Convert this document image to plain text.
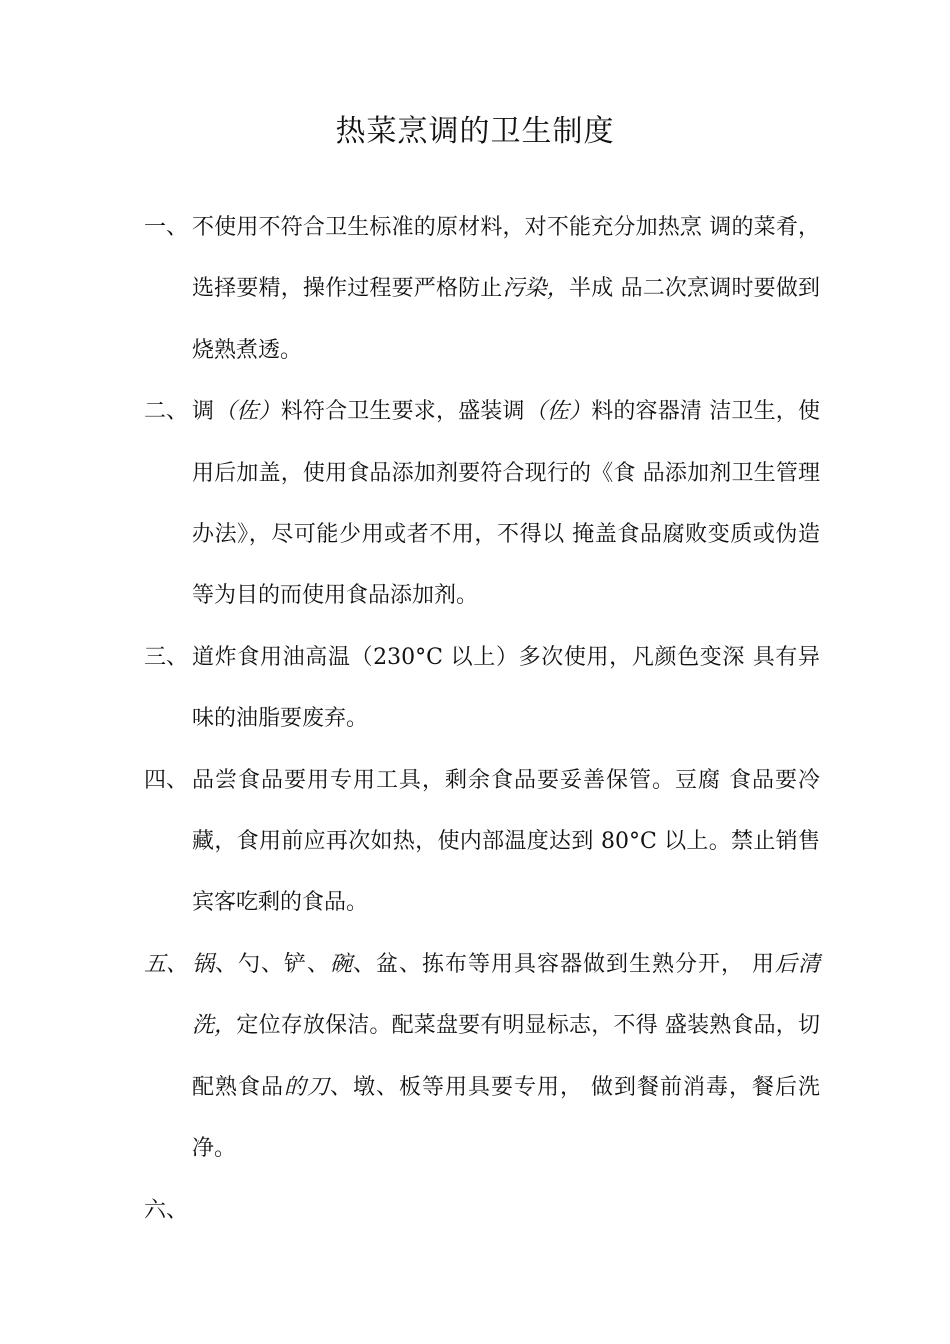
热菜烹调的卫生制度
一、 不使用不符合卫生标准的原材料，对不能充分加热烹 调的菜肴，选择要精，操作过程要严格防止污染，半成 品二次烹调时要做到烧熟煮透。
二、 调（佐）料符合卫生要求，盛装调（佐）料的容器清 洁卫生，使用后加盖，使用食品添加剂要符合现行的《食 品添加剂卫生管理办法》，尽可能少用或者不用，不得以 掩盖食品腐败变质或伪造等为目的而使用食品添加剂。
三、 道炸食用油高温（230°C 以上）多次使用，凡颜色变深 具有异味的油脂要废弃。
四、 品尝食品要用专用工具，剩余食品要妥善保管。豆腐 食品要冷藏，食用前应再次如热，使内部温度达到 80°C 以上。禁止销售宾客吃剩的食品。
五、 锅、勺、铲、碗、盆、拣布等用具容器做到生熟分开， 用后清洗，定位存放保洁。配菜盘要有明显标志，不得 盛装熟食品，切配熟食品的刀、墩、板等用具要专用， 做到餐前消毒，餐后洗净。
六、
